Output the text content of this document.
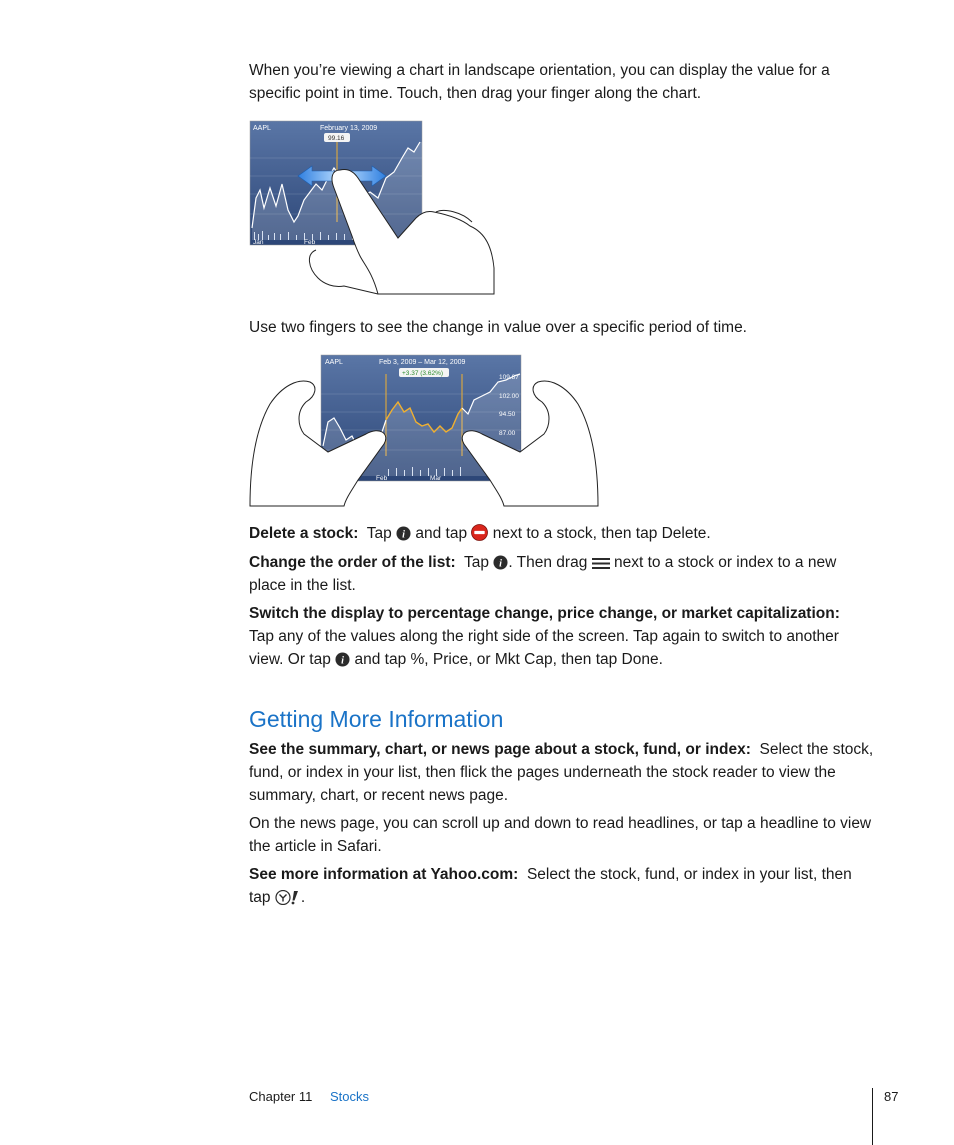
When you’re viewing a chart in landscape orientation, you can display the value for a specific point in time. Touch, then drag your finger along the chart.

AAPL	February 13, 2009
99.16
109.87
102.00
94.50
87.00
Jan	Feb

Use two fingers to see the change in value over a specific period of time.

AAPL	Feb 3, 2009 – Mar 12, 2009
+3.37 (3.62%)
109.87
102.00
94.50
87.00
Feb	Mar

Delete a stock: Tap i and tap next to a stock, then tap Delete.

Change the order of the list: Tap i . Then drag next to a stock or index to a new place in the list.

Switch the display to percentage change, price change, or market capitalization:
Tap any of the values along the right side of the screen. Tap again to switch to another view. Or tap i and tap %, Price, or Mkt Cap, then tap Done.

Getting More Information

See the summary, chart, or news page about a stock, fund, or index: Select the stock, fund, or index in your list, then flick the pages underneath the stock reader to view the summary, chart, or recent news page.

On the news page, you can scroll up and down to read headlines, or tap a headline to view the article in Safari.

See more information at Yahoo.com: Select the stock, fund, or index in your list, then tap .

Chapter 11 Stocks	87
